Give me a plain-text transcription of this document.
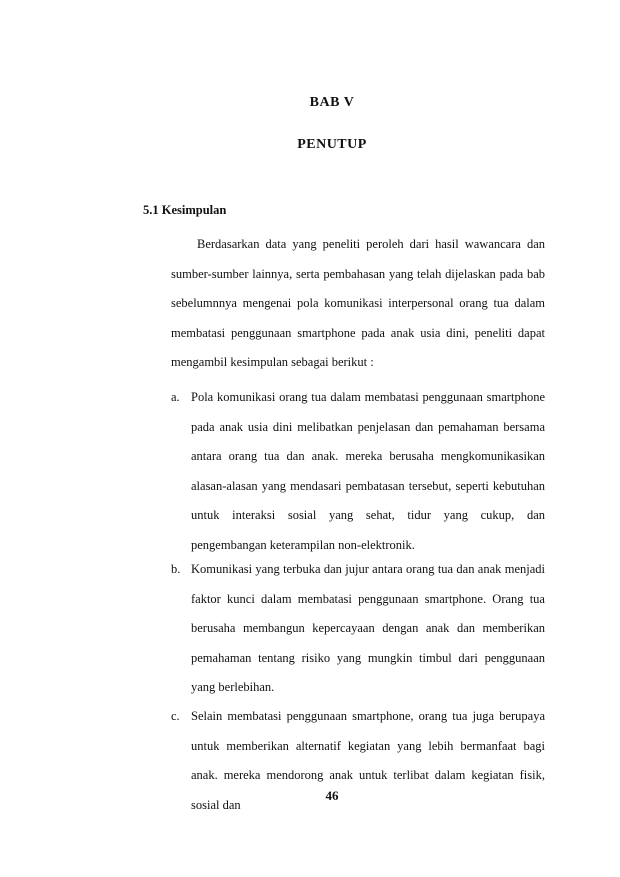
BAB V
PENUTUP
5.1 Kesimpulan

Berdasarkan data yang peneliti peroleh dari hasil wawancara dan sumber-sumber lainnya, serta pembahasan yang telah dijelaskan pada bab sebelumnnya mengenai pola komunikasi interpersonal orang tua dalam membatasi penggunaan smartphone pada anak usia dini, peneliti dapat mengambil kesimpulan sebagai berikut :

a. Pola komunikasi orang tua dalam membatasi penggunaan smartphone pada anak usia dini melibatkan penjelasan dan pemahaman bersama antara orang tua dan anak. mereka berusaha mengkomunikasikan alasan-alasan yang mendasari pembatasan tersebut, seperti kebutuhan untuk interaksi sosial yang sehat, tidur yang cukup, dan pengembangan keterampilan non-elektronik.
b. Komunikasi yang terbuka dan jujur antara orang tua dan anak menjadi faktor kunci dalam membatasi penggunaan smartphone. Orang tua berusaha membangun kepercayaan dengan anak dan memberikan pemahaman tentang risiko yang mungkin timbul dari penggunaan yang berlebihan.
c. Selain membatasi penggunaan smartphone, orang tua juga berupaya untuk memberikan alternatif kegiatan yang lebih bermanfaat bagi anak. mereka mendorong anak untuk terlibat dalam kegiatan fisik, sosial dan
46
